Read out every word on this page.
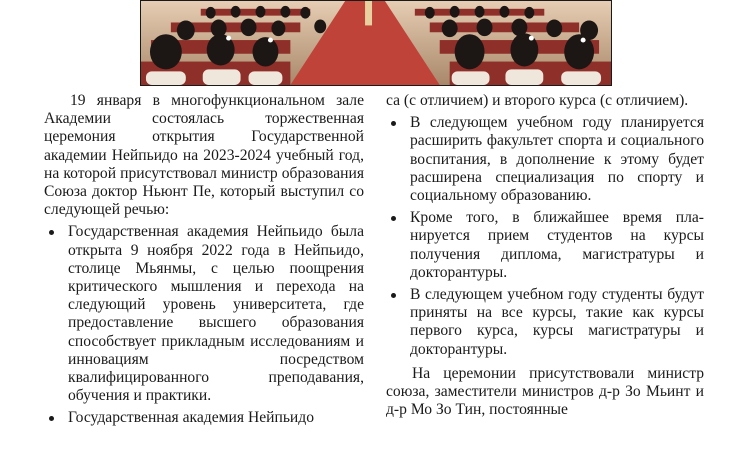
19 января в многофункциональном зале Академии состоялась торжественная церемония открытия Государственной академии Нейпьидо на 2023-2024 учебный год, на которой присутствовал министр образования Союза доктор Ньюнт Пе, который выступил со следующей речью:

Государственная академия Нейпьидо была открыта 9 ноября 2022 года в Нейпьидо, столице Мьянмы, с целью поощрения критического мышления и перехода на следующий уровень университета, где предоставление высшего образования способствует прикладным исследованиям и инновациям посредством квалифицированного преподавания, обучения и практики.
Государственная академия Нейпьидо

са (с отличием) и второго курса (с отличием).

В следующем учебном году планируется расширить факультет спорта и социального воспитания, в дополнение к этому будет расширена специализация по спорту и социальному образованию.
Кроме того, в ближайшее время планируется прием студентов на курсы получения диплома, магистратуры и докторантуры.
В следующем учебном году студенты будут приняты на все курсы, такие как курсы первого курса, курсы магистратуры и докторантуры.

На церемонии присутствовали министр союза, заместители министров д-р Зо Мьинт и д-р Мо Зо Тин, постоянные
